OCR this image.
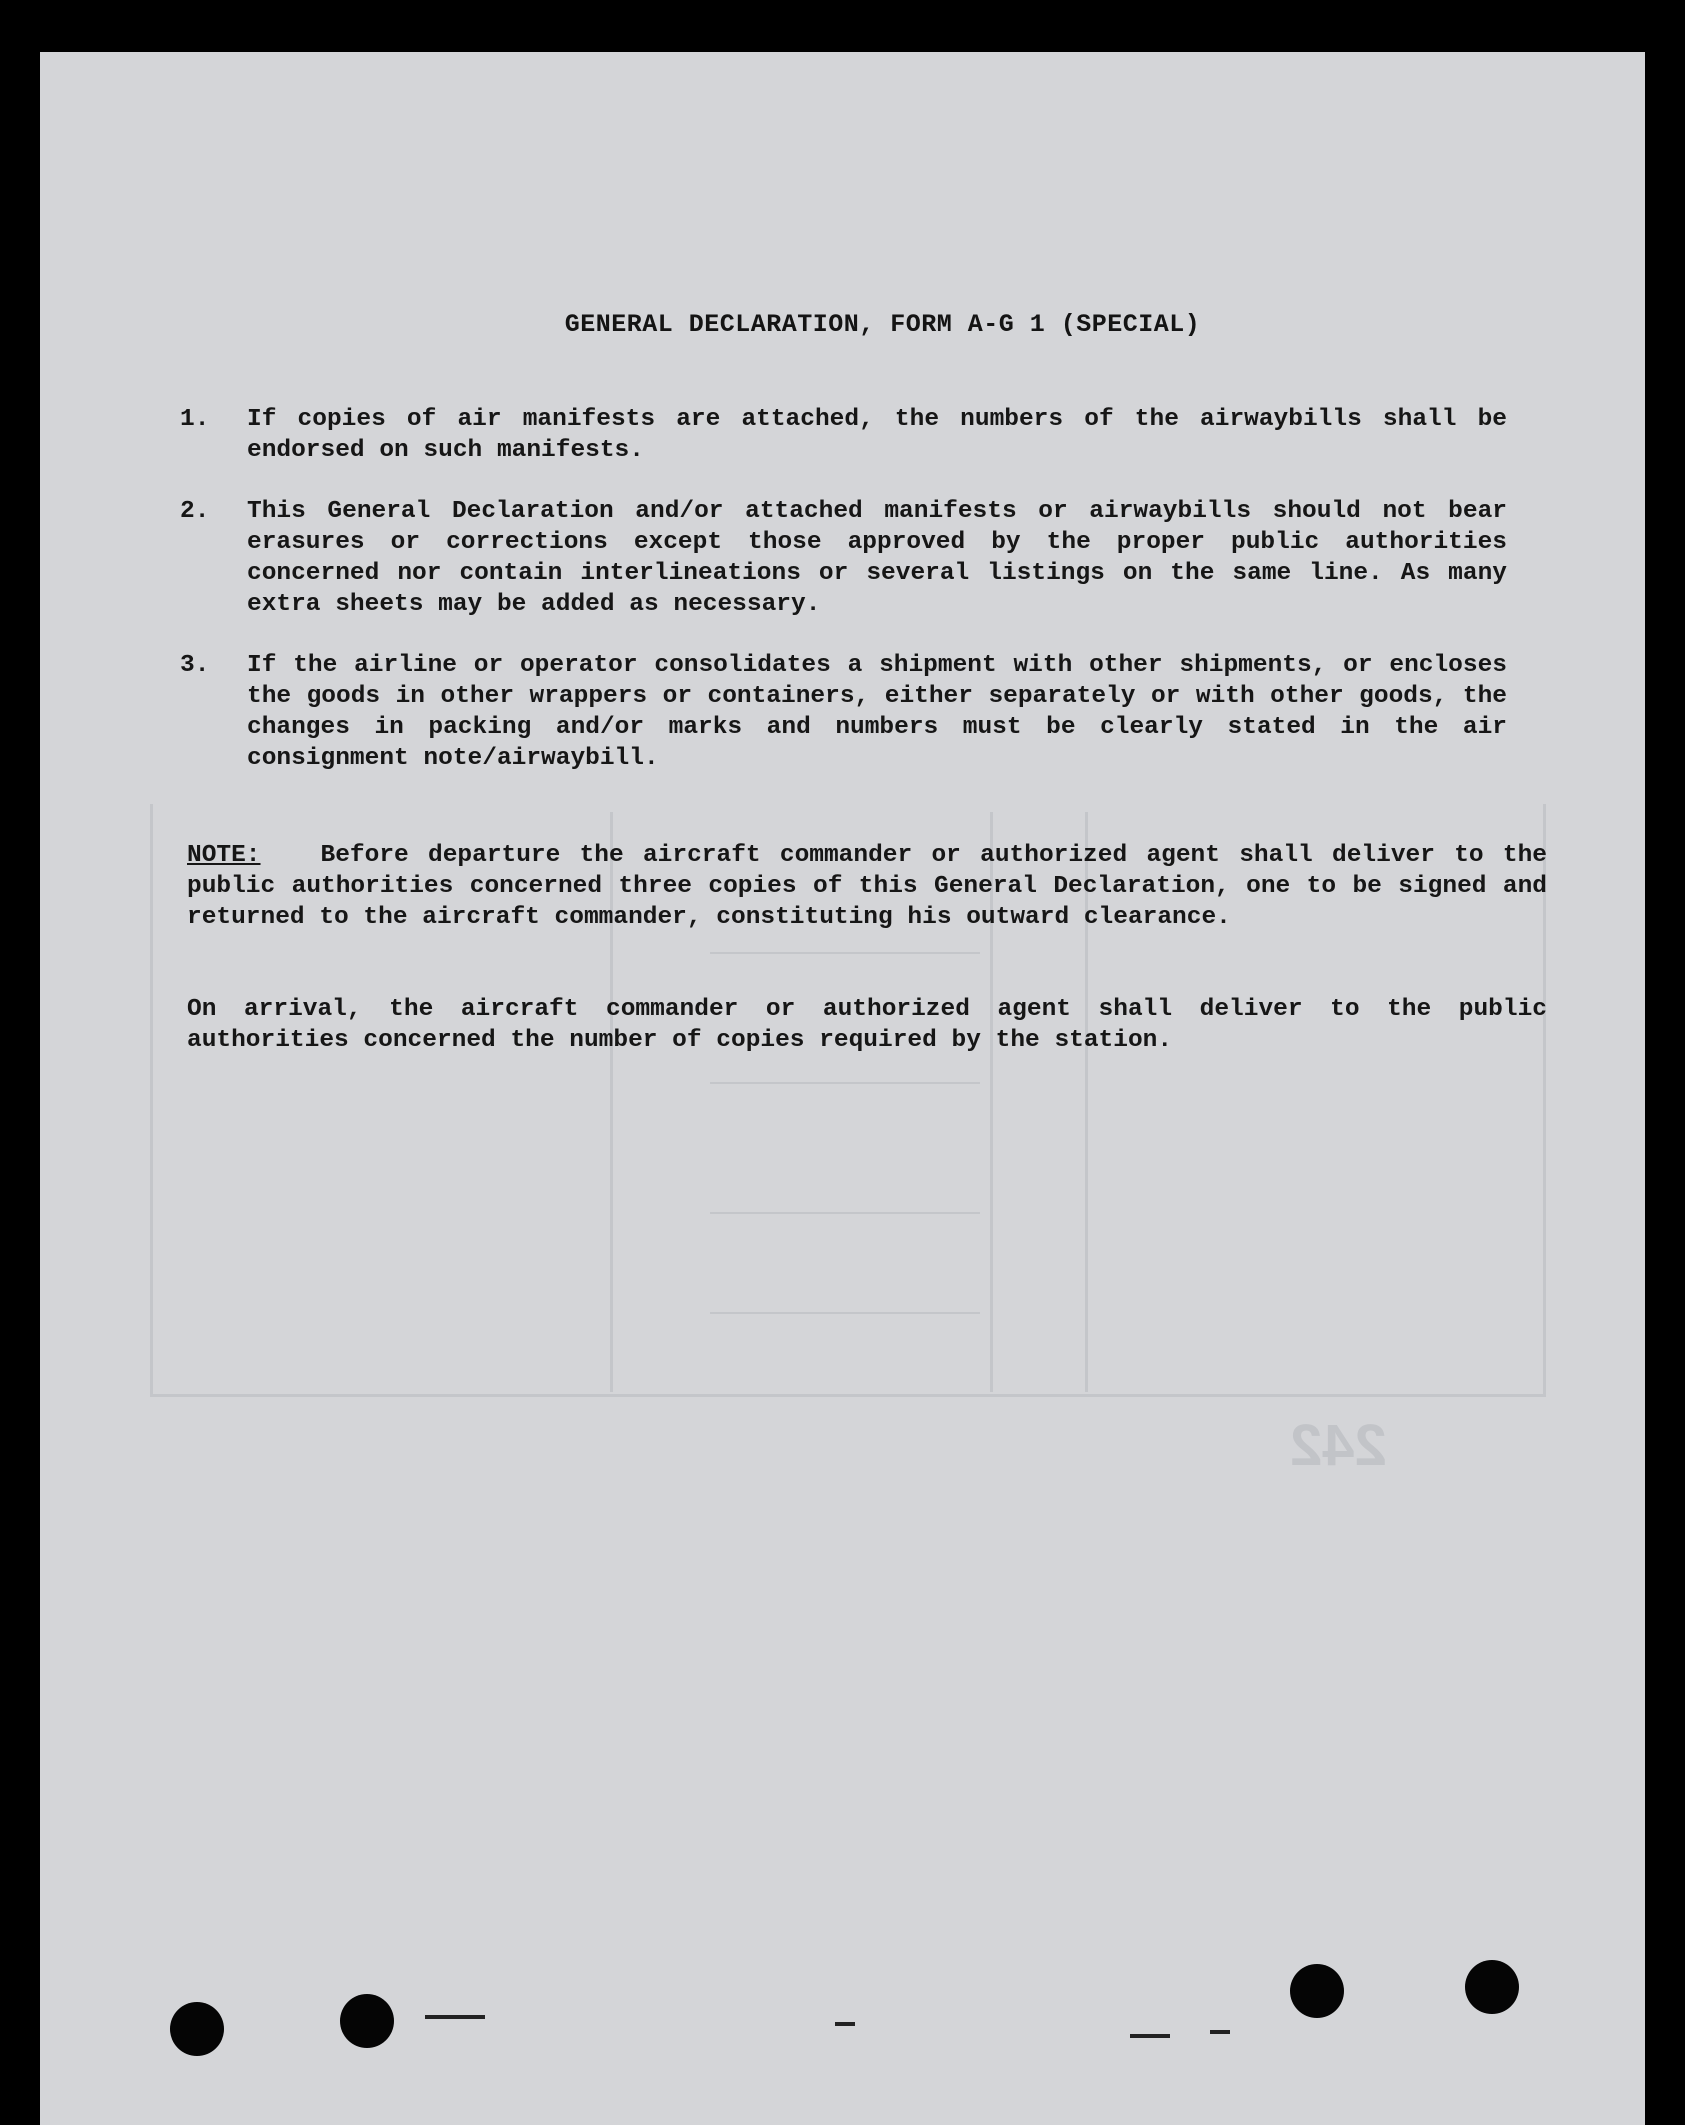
242
GENERAL DECLARATION, FORM A-G 1 (SPECIAL)
1. If copies of air manifests are attached, the numbers of the airwaybills shall be endorsed on such manifests.
2. This General Declaration and/or attached manifests or airwaybills should not bear erasures or corrections except those approved by the proper public authorities concerned nor contain interlineations or several listings on the same line. As many extra sheets may be added as necessary.
3. If the airline or operator consolidates a shipment with other shipments, or encloses the goods in other wrappers or containers, either separately or with other goods, the changes in packing and/or marks and numbers must be clearly stated in the air consignment note/airwaybill.
NOTE: Before departure the aircraft commander or authorized agent shall deliver to the public authorities concerned three copies of this General Declaration, one to be signed and returned to the aircraft commander, constituting his outward clearance.
On arrival, the aircraft commander or authorized agent shall deliver to the public authorities concerned the number of copies required by the station.
